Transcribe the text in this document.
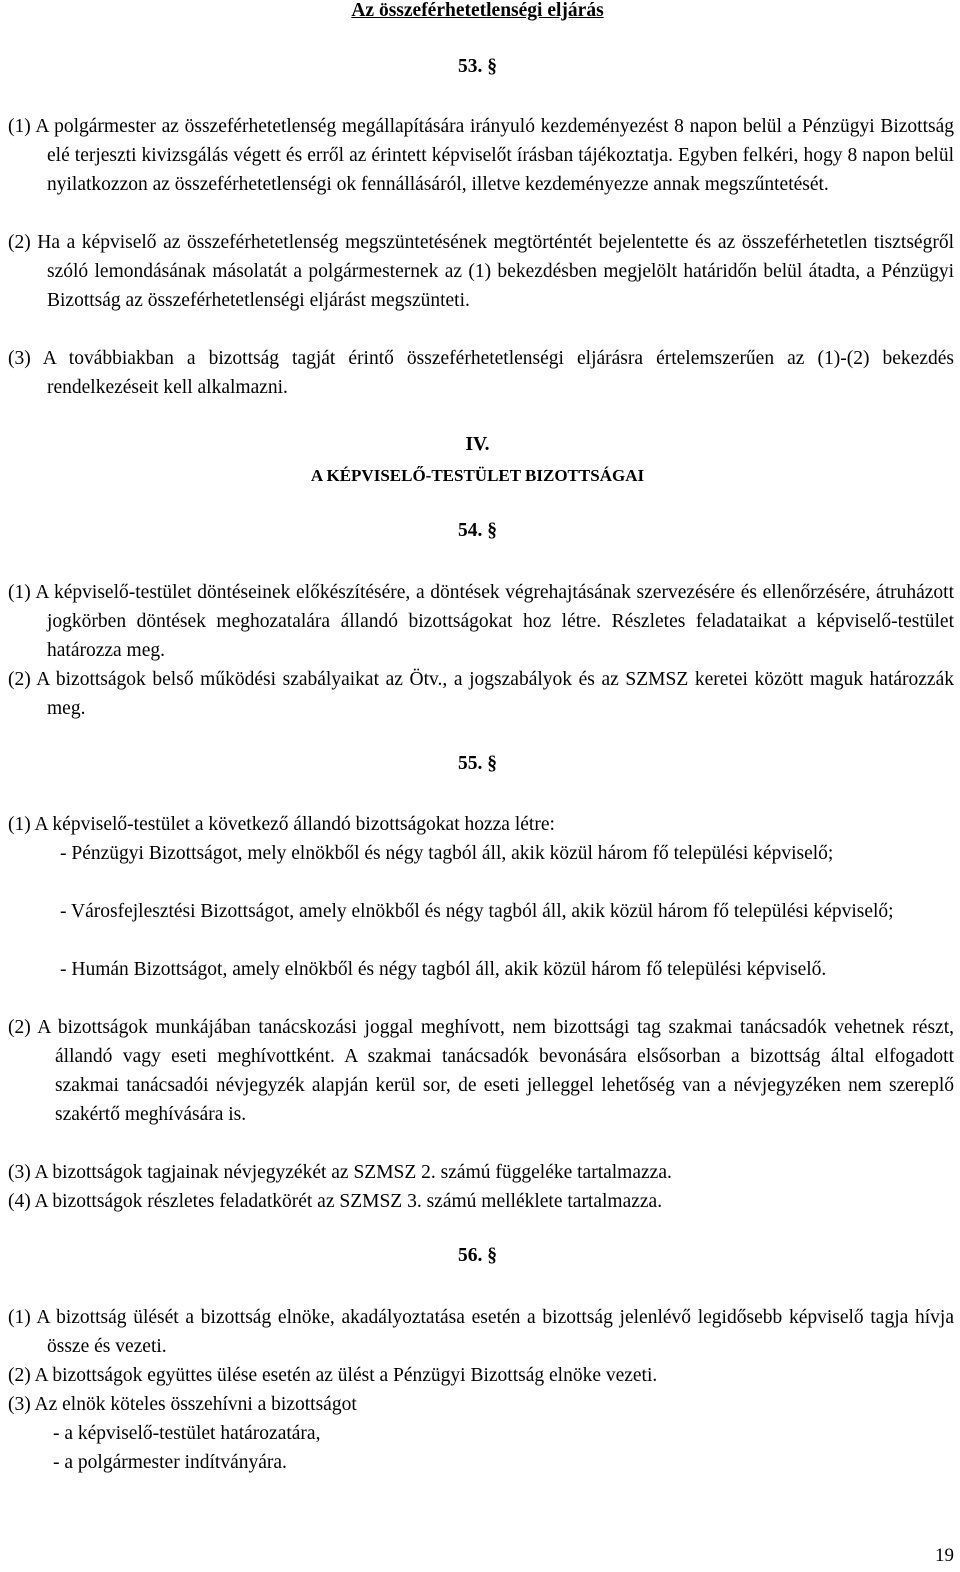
Az összeférhetetlenségi eljárás
53. §
(1) A polgármester az összeférhetetlenség megállapítására irányuló kezdeményezést 8 napon belül a Pénzügyi Bizottság elé terjeszti kivizsgálás végett és erről az érintett képviselőt írásban tájékoztatja. Egyben felkéri, hogy 8 napon belül nyilatkozzon az összeférhetetlenségi ok fennállásáról, illetve kezdeményezze annak megszűntetését.
(2) Ha a képviselő az összeférhetetlenség megszüntetésének megtörténtét bejelentette és az összeférhetetlen tisztségről szóló lemondásának másolatát a polgármesternek az (1) bekezdésben megjelölt határidőn belül átadta, a Pénzügyi Bizottság az összeférhetetlenségi eljárást megszünteti.
(3) A továbbiakban a bizottság tagját érintő összeférhetetlenségi eljárásra értelemszerűen az (1)-(2) bekezdés rendelkezéseit kell alkalmazni.
IV.
A KÉPVISELŐ-TESTÜLET BIZOTTSÁGAI
54. §
(1) A képviselő-testület döntéseinek előkészítésére, a döntések végrehajtásának szervezésére és ellenőrzésére, átruházott jogkörben döntések meghozatalára állandó bizottságokat hoz létre. Részletes feladataikat a képviselő-testület határozza meg.
(2) A bizottságok belső működési szabályaikat az Ötv., a jogszabályok és az SZMSZ keretei között maguk határozzák meg.
55. §
(1) A képviselő-testület a következő állandó bizottságokat hozza létre:
- Pénzügyi Bizottságot, mely elnökből és négy tagból áll, akik közül három fő települési képviselő;
- Városfejlesztési Bizottságot, amely elnökből és négy tagból áll, akik közül három fő települési képviselő;
- Humán Bizottságot, amely elnökből és négy tagból áll, akik közül három fő települési képviselő.
(2) A bizottságok munkájában tanácskozási joggal meghívott, nem bizottsági tag szakmai tanácsadók vehetnek részt, állandó vagy eseti meghívottként. A szakmai tanácsadók bevonására elsősorban a bizottság által elfogadott szakmai tanácsadói névjegyzék alapján kerül sor, de eseti jelleggel lehetőség van a névjegyzéken nem szereplő szakértő meghívására is.
(3) A bizottságok tagjainak névjegyzékét az SZMSZ 2. számú függeléke tartalmazza.
(4) A bizottságok részletes feladatkörét az SZMSZ 3. számú melléklete tartalmazza.
56. §
(1) A bizottság ülését a bizottság elnöke, akadályoztatása esetén a bizottság jelenlévő legidősebb képviselő tagja hívja össze és vezeti.
(2) A bizottságok együttes ülése esetén az ülést a Pénzügyi Bizottság elnöke vezeti.
(3) Az elnök köteles összehívni a bizottságot
- a képviselő-testület határozatára,
- a polgármester indítványára.
19
